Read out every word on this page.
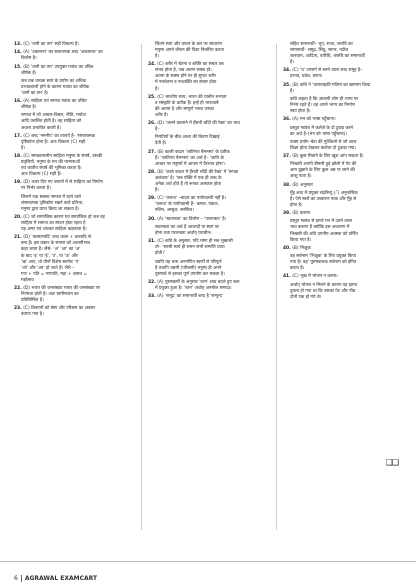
13. (C) 'वानी का तम' सही विकल्प है।
14. (A) 'उकारान्त' का स्वरान्त्यक शब्द 'अकारान्त' का
विलोम है।
15. (B) 'वानी का तम' उपयुक्त गवांश का उचित
शीर्षक है।
जब तक वाचक स्वयं के प्रयोग का अधिक
प्रभावशाली होने के कारण गवांश का शीर्षक
'वानी का तम' है।
16. (A) साहित्य एवं समाज गवांश का उचित
शीर्षक है।
समाज में जो आचार-विचार, नीति, मर्यादा
आदि प्रचलित होती है। वह साहित्य को
अवश्य प्रभावित करती है।
17. (C) शब्द 'नमनीय' का तात्पर्य है- 'संसारात्मक
दृष्टिकोण होना है। अतः विकल्प (C) सही
है।
18. (C) समकालालीन साहित्य मनुष्य के संघर्ष, उसकी
प्रवृत्तियों, मनुष्य के मन की परम्पराओं
एवं जातीय संघर्ष की भूमिका करता है।
अतः विकल्प (C) सही है।
19. (D) ऊपर दिए गए बयानों में से साहित्य का निर्माण
पर निर्भर करता है।
जिसमें एक स्वस्थ्य समाज में रहने वाले
संसारात्मक दृष्टिकोण रखने वाले प्रतिभा,
मनुष्य द्वारा प्राप्त किया जा सकता है।
20. (C) जो सामाजिक कारण एवं सामाजिक हो जब वह
साहित्य में समाज का स्पंदन होता रहता है
यह अमर एवं शाश्वत साहित्य कहलाता है।
21. (D) 'वात्सल्यादि' शब्द वात्स + वल्लादि से
बना है। इस प्रकार के समास को अव्ययीभाव
कहा जाता है। जैसे- 'अ' 'आ' का 'अ'
के बाद 'इ' या 'ई', 'उ', या 'ऊ' और
'ऋ' आए, तो तीनों विशेष स्वर्णतः 'ए'
'ओ' और 'अर' हो जाते हैं। जैसे –
गण + पति = गणपति, महा + उत्सव =
महोत्सव
22. (D) भारत की जनसंख्या भारत की जनसंख्या पर
निर्भरता होती है। अतः ग्रामीणजन का
प्रतिबिम्बित है।
23. (C) किसानों को चेष्टा और परिश्रम का अवसर
बताया गया है।
जितने स्वयं और प्रयत्न के बल पर साधारण
मनुष्य अपने जीवन की दिशा निर्धारित करता
है।
24. (C) शरीर में चेतना व शक्ति का संचार तब
संभव होता है, जब आत्मा स्वस्थ हो।
आत्मा के स्वस्थ होने पर ही सुन्दर शरीर
में नवचेतना व नवशक्ति का संचार होता
है।
25. (C) भारतीय सत्य, भारत की प्राचीन सभ्यता
व संस्कृति के प्रतीक हैं। इन्हें ही भारतवर्ष
की आत्मा है और सम्पूर्ण भारत उनका
शरीर है।
26. (D) 'जलने कालाने में हँसती चाँदी की रेखा' का भाव
है–
नियतियों के बीच आशा की किरण दिखाई
देती है।
27. (B) काली बादल 'जातिगत बैमनस्य' के प्रतीक
हैं। 'जातिगत बैमनस्य' का अर्थ है– 'जाति के
आधार पर मनुष्यों में आपस में वैरभाव होना'।
28. (B) 'काले बादल में हँसती चाँदी की रेखा' में 'रूपक
अलंकार' है। 'जब पंक्ति में एक ही शब्द के
अनेक अर्थ होते हैं तो रूपक अलंकार होता
है।
29. (C) 'जलज' –बादल का पर्यायवाची नहीं है।
'जलज' के पर्यायवाची हैं– कमल, पंकज,
नलिन, अम्बुज, सरसिज।
30. (A) 'स्वतन्त्रता' का विलोम – 'परतन्त्रता' है।
स्वतन्त्रता का अर्थ है आजादी या स्वयं पर
होना तथा परतन्त्रता अर्थात् पराधीन।
31. (C) कवि के अनुसार, यदि मांगा ही सब भुखमरी
तो– 'सरसी स्वयं ही समन सभी सम्पत्ति प्राप्त
होती।'
यद्यपि यह धारा अनगणित स्वर्णों से परिपूर्ण
है तथापि उद्यमी (परिश्रमी) मनुष्य ही अपने
पुरुषार्थ से इसका पूर्ण उपयोग कर सकता है।
32. (A) पुरुषकर्मी के अनुसार 'रतन' शब्द बदले हुए कल
में प्रयुक्त हुआ है। 'रतन' अर्थात् अनमोल सम्पदा।
33. (A) 'समुद्र' का समानार्थी शब्द है 'सम्पुन्द'
सहित समानार्थी– भूप, राजा, जलधि का
समानार्थी– समुद्र, सिंधु, सागर, नदीश
जलधाम, आदित्य, वारिधि, जलधि का समानार्थी
है।
34. (C) 'प्र' उपसर्ग से बनने वाला शब्द समूह है–
प्रभाव, प्रवेश, प्रणय।
35. (B) कवि ने 'धारावाहकी गतिमा का खरगाम किया
है।
कवि कहता है कि आलसी लोग ही भाग्य पर
निर्भर रहते हैं। वह अपने भाग्य का निर्माण
स्वयं होता है।
36. (A) मन को भाषा पहुँचाना।
प्रस्तुत गद्यांश में कलेजे के दो टुकड़ करने
का अर्थ है–(मन को भाषा पहुँचाना)।
वाक्य प्रयोग–बेटा की मुश्किलों से जो आज
शिक्षा होता देखकर कलेजा दो टुकड़ा गया।
37. (B) कुछ मिठाने के लिए खुश आप सकता है।
भिखारी अपनी बीमारी हुई झोली में पेट की
आग बुझाने के लिए कुछ अन्न पा जाने की
आशु पाता है।
38. (B) अनुस्वार
मुँह शब्द में प्रयुक्त चंद्रबिन्दु (ँ) अनुनासिक
है। ऐसे स्वरों का उच्चारण नाक और मुँह से
होता है।
39. (B) करुणा
प्रस्तुत गद्यांश से हमारे मन में उठने वाला
भाव करुणा है क्योंकि इस अवतरण में
भिखारी की अति दयनीय अवस्था को वर्णित
किया गया है।
40. (B) भिक्षुक
वह सर्वनाम 'भिक्षुक' के लिए प्रयुक्त किया
गया है। वह' पुरुषवाचक सर्वनाम को इंगित
करता है।
41. (C) भूख में भोजन न करना।
अर्थात् भोजन न मिलने के कारण वह इतना
दुबला हो गया था कि उसका पेट और पीठ
दोनों एक हो गये थे।
❑❑
6 AGRAWAL EXAMCART
